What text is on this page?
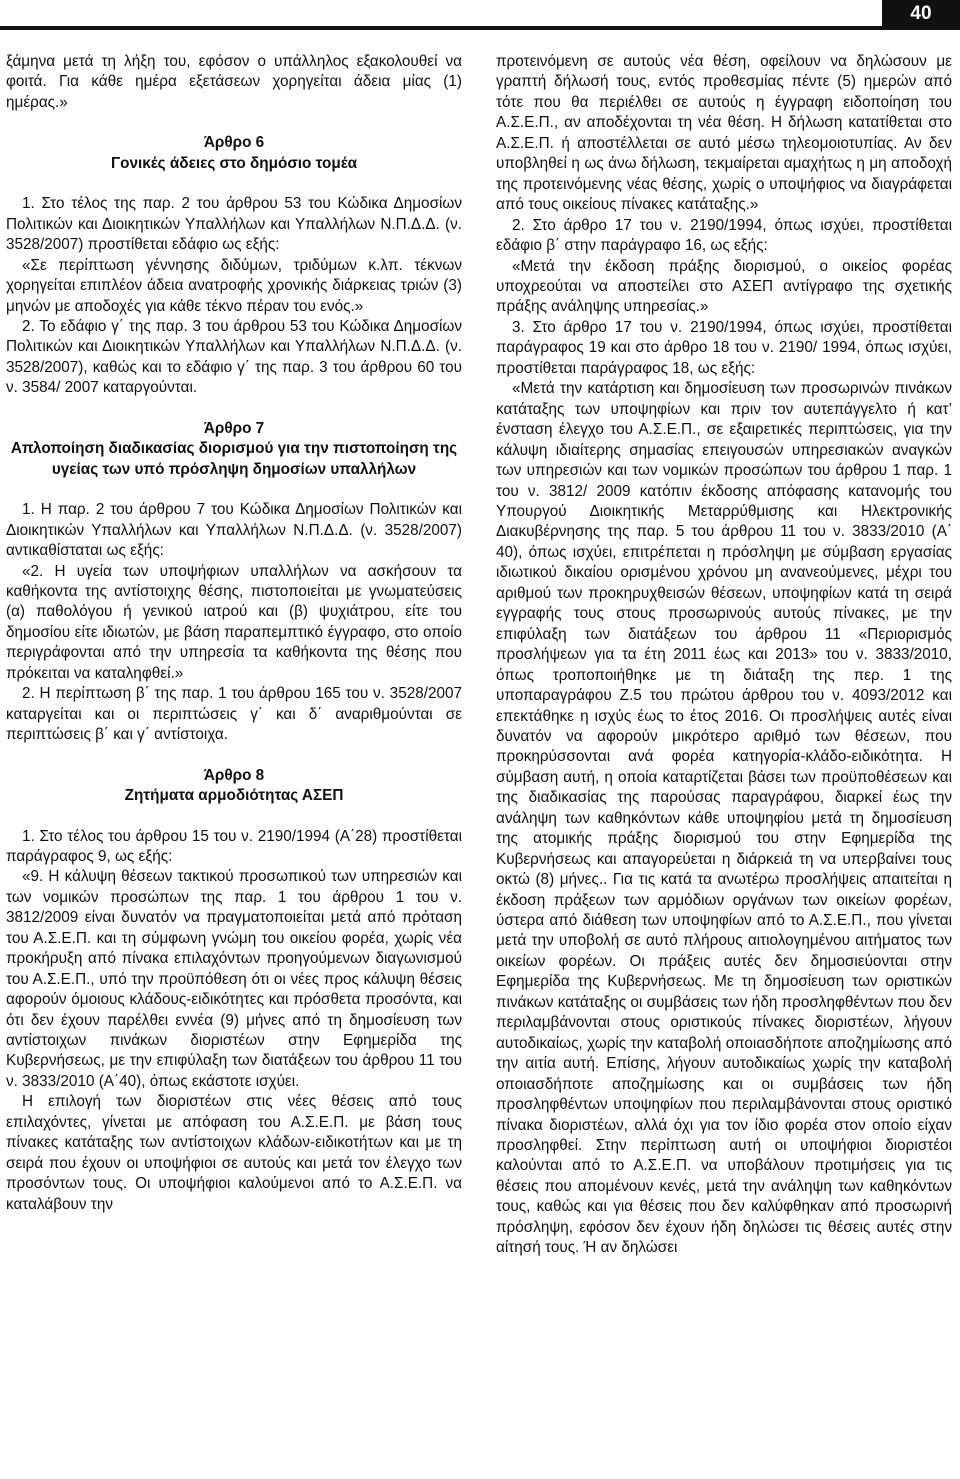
40

ξάμηνα μετά τη λήξη του, εφόσον ο υπάλληλος εξακολουθεί να φοιτά. Για κάθε ημέρα εξετάσεων χορηγείται άδεια μίας (1) ημέρας.»

Άρθρο 6
Γονικές άδειες στο δημόσιο τομέα

1. Στο τέλος της παρ. 2 του άρθρου 53 του Κώδικα Δημοσίων Πολιτικών και Διοικητικών Υπαλλήλων και Υπαλλήλων Ν.Π.Δ.Δ. (ν. 3528/2007) προστίθεται εδάφιο ως εξής:

«Σε περίπτωση γέννησης διδύμων, τριδύμων κ.λπ. τέκνων χορηγείται επιπλέον άδεια ανατροφής χρονικής διάρκειας τριών (3) μηνών με αποδοχές για κάθε τέκνο πέραν του ενός.»

2. Το εδάφιο γ΄ της παρ. 3 του άρθρου 53 του Κώδικα Δημοσίων Πολιτικών και Διοικητικών Υπαλλήλων και Υπαλλήλων Ν.Π.Δ.Δ. (ν. 3528/2007), καθώς και το εδάφιο γ΄ της παρ. 3 του άρθρου 60 του ν. 3584/ 2007 καταργούνται.

Άρθρο 7
Απλοποίηση διαδικασίας διορισμού για την πιστοποίηση της υγείας των υπό πρόσληψη δημοσίων υπαλλήλων

1. Η παρ. 2 του άρθρου 7 του Κώδικα Δημοσίων Πολιτικών και Διοικητικών Υπαλλήλων και Υπαλλήλων Ν.Π.Δ.Δ. (ν. 3528/2007) αντικαθίσταται ως εξής:

«2. Η υγεία των υποψήφιων υπαλλήλων να ασκήσουν τα καθήκοντα της αντίστοιχης θέσης, πιστοποιείται με γνωματεύσεις (α) παθολόγου ή γενικού ιατρού και (β) ψυχιάτρου, είτε του δημοσίου είτε ιδιωτών, με βάση παραπεμπτικό έγγραφο, στο οποίο περιγράφονται από την υπηρεσία τα καθήκοντα της θέσης που πρόκειται να καταληφθεί.»

2. Η περίπτωση β΄ της παρ. 1 του άρθρου 165 του ν. 3528/2007 καταργείται και οι περιπτώσεις γ΄ και δ΄ αναριθμούνται σε περιπτώσεις β΄ και γ΄ αντίστοιχα.

Άρθρο 8
Ζητήματα αρμοδιότητας ΑΣΕΠ

1. Στο τέλος του άρθρου 15 του ν. 2190/1994 (Α΄28) προστίθεται παράγραφος 9, ως εξής:

«9. Η κάλυψη θέσεων τακτικού προσωπικού των υπηρεσιών και των νομικών προσώπων της παρ. 1 του άρθρου 1 του ν. 3812/2009 είναι δυνατόν να πραγματοποιείται μετά από πρόταση του Α.Σ.Ε.Π. και τη σύμφωνη γνώμη του οικείου φορέα, χωρίς νέα προκήρυξη από πίνακα επιλαχόντων προηγούμενων διαγωνισμού του Α.Σ.Ε.Π., υπό την προϋπόθεση ότι οι νέες προς κάλυψη θέσεις αφορούν όμοιους κλάδους-ειδικότητες και πρόσθετα προσόντα, και ότι δεν έχουν παρέλθει εννέα (9) μήνες από τη δημοσίευση των αντίστοιχων πινάκων διοριστέων στην Εφημερίδα της Κυβερνήσεως, με την επιφύλαξη των διατάξεων του άρθρου 11 του ν. 3833/2010 (Α΄40), όπως εκάστοτε ισχύει.

Η επιλογή των διοριστέων στις νέες θέσεις από τους επιλαχόντες, γίνεται με απόφαση του Α.Σ.Ε.Π. με βάση τους πίνακες κατάταξης των αντίστοιχων κλάδων-ειδικοτήτων και με τη σειρά που έχουν οι υποψήφιοι σε αυτούς και μετά τον έλεγχο των προσόντων τους. Οι υποψήφιοι καλούμενοι από το Α.Σ.Ε.Π. να καταλάβουν την

προτεινόμενη σε αυτούς νέα θέση, οφείλουν να δηλώσουν με γραπτή δήλωσή τους, εντός προθεσμίας πέντε (5) ημερών από τότε που θα περιέλθει σε αυτούς η έγγραφη ειδοποίηση του Α.Σ.Ε.Π., αν αποδέχονται τη νέα θέση. Η δήλωση κατατίθεται στο Α.Σ.Ε.Π. ή αποστέλλεται σε αυτό μέσω τηλεομοιοτυπίας. Αν δεν υποβληθεί η ως άνω δήλωση, τεκμαίρεται αμαχήτως η μη αποδοχή της προτεινόμενης νέας θέσης, χωρίς ο υποψήφιος να διαγράφεται από τους οικείους πίνακες κατάταξης.»

2. Στο άρθρο 17 του ν. 2190/1994, όπως ισχύει, προστίθεται εδάφιο β΄ στην παράγραφο 16, ως εξής:

«Μετά την έκδοση πράξης διορισμού, ο οικείος φορέας υποχρεούται να αποστείλει στο ΑΣΕΠ αντίγραφο της σχετικής πράξης ανάληψης υπηρεσίας.»

3. Στο άρθρο 17 του ν. 2190/1994, όπως ισχύει, προστίθεται παράγραφος 19 και στο άρθρο 18 του ν. 2190/ 1994, όπως ισχύει, προστίθεται παράγραφος 18, ως εξής:

«Μετά την κατάρτιση και δημοσίευση των προσωρινών πινάκων κατάταξης των υποψηφίων και πριν τον αυτεπάγγελτο ή κατ’ ένσταση έλεγχο του Α.Σ.Ε.Π., σε εξαιρετικές περιπτώσεις, για την κάλυψη ιδιαίτερης σημασίας επειγουσών υπηρεσιακών αναγκών των υπηρεσιών και των νομικών προσώπων του άρθρου 1 παρ. 1 του ν. 3812/ 2009 κατόπιν έκδοσης απόφασης κατανομής του Υπουργού Διοικητικής Μεταρρύθμισης και Ηλεκτρονικής Διακυβέρνησης της παρ. 5 του άρθρου 11 του ν. 3833/2010 (Α΄ 40), όπως ισχύει, επιτρέπεται η πρόσληψη με σύμβαση εργασίας ιδιωτικού δικαίου ορισμένου χρόνου μη ανανεούμενες, μέχρι του αριθμού των προκηρυχθεισών θέσεων, υποψηφίων κατά τη σειρά εγγραφής τους στους προσωρινούς αυτούς πίνακες, με την επιφύλαξη των διατάξεων του άρθρου 11 «Περιορισμός προσλήψεων για τα έτη 2011 έως και 2013» του ν. 3833/2010, όπως τροποποιήθηκε με τη διάταξη της περ. 1 της υποπαραγράφου Ζ.5 του πρώτου άρθρου του ν. 4093/2012 και επεκτάθηκε η ισχύς έως το έτος 2016. Οι προσλήψεις αυτές είναι δυνατόν να αφορούν μικρότερο αριθμό των θέσεων, που προκηρύσσονται ανά φορέα κατηγορία-κλάδο-ειδικότητα. Η σύμβαση αυτή, η οποία καταρτίζεται βάσει των προϋποθέσεων και της διαδικασίας της παρούσας παραγράφου, διαρκεί έως την ανάληψη των καθηκόντων κάθε υποψηφίου μετά τη δημοσίευση της ατομικής πράξης διορισμού του στην Εφημερίδα της Κυβερνήσεως και απαγορεύεται η διάρκειά τη να υπερβαίνει τους οκτώ (8) μήνες.. Για τις κατά τα ανωτέρω προσλήψεις απαιτείται η έκδοση πράξεων των αρμόδιων οργάνων των οικείων φορέων, ύστερα από διάθεση των υποψηφίων από το Α.Σ.Ε.Π., που γίνεται μετά την υποβολή σε αυτό πλήρους αιτιολογημένου αιτήματος των οικείων φορέων. Οι πράξεις αυτές δεν δημοσιεύονται στην Εφημερίδα της Κυβερνήσεως. Με τη δημοσίευση των οριστικών πινάκων κατάταξης οι συμβάσεις των ήδη προσληφθέντων που δεν περιλαμβάνονται στους οριστικούς πίνακες διοριστέων, λήγουν αυτοδικαίως, χωρίς την καταβολή οποιασδήποτε αποζημίωσης από την αιτία αυτή. Επίσης, λήγουν αυτοδικαίως χωρίς την καταβολή οποιασδήποτε αποζημίωσης και οι συμβάσεις των ήδη προσληφθέντων υποψηφίων που περιλαμβάνονται στους οριστικό πίνακα διοριστέων, αλλά όχι για τον ίδιο φορέα στον οποίο είχαν προσληφθεί. Στην περίπτωση αυτή οι υποψήφιοι διοριστέοι καλούνται από το Α.Σ.Ε.Π. να υποβάλουν προτιμήσεις για τις θέσεις που απομένουν κενές, μετά την ανάληψη των καθηκόντων τους, καθώς και για θέσεις που δεν καλύφθηκαν από προσωρινή πρόσληψη, εφόσον δεν έχουν ήδη δηλώσει τις θέσεις αυτές στην αίτησή τους. Ή αν δηλώσει
